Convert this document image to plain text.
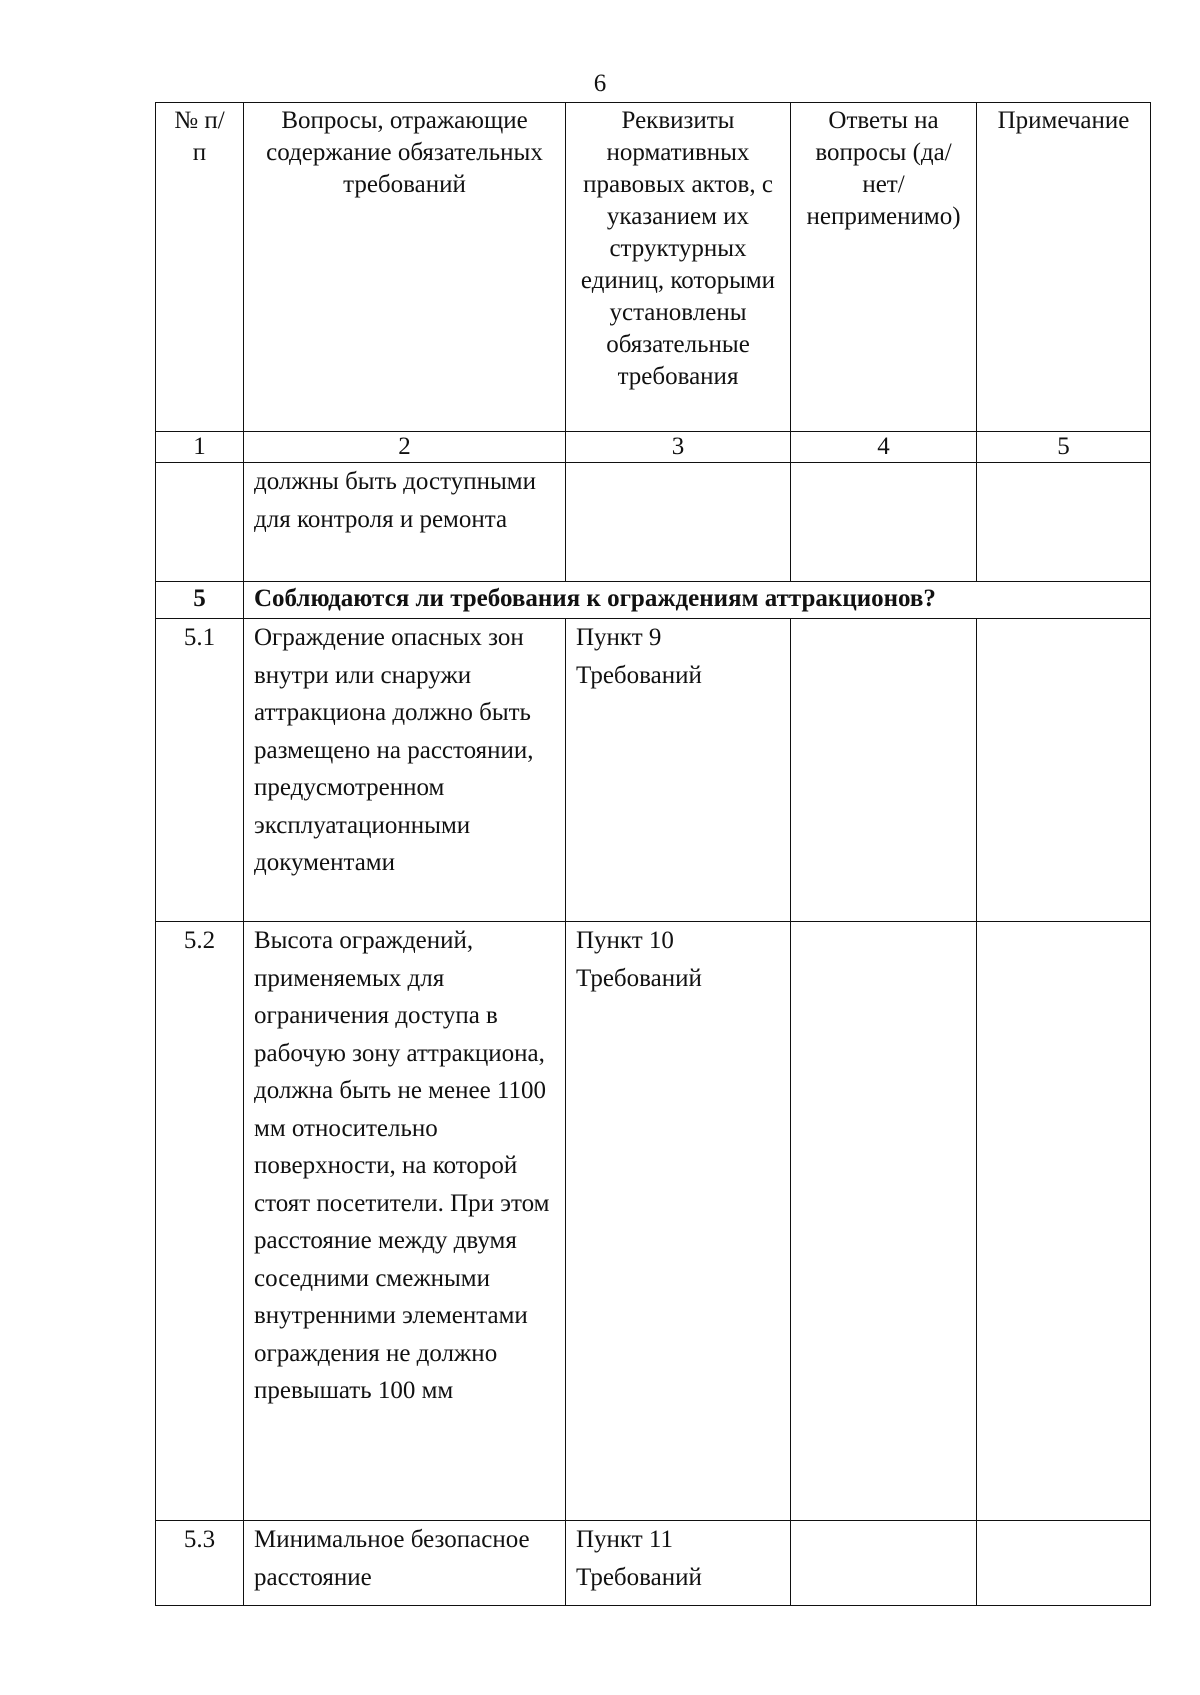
6
№ п/п	Вопросы, отражающие содержание обязательных требований	Реквизиты нормативных правовых актов, с указанием их структурных единиц, которыми установлены обязательные требования	Ответы на вопросы (да/нет/ неприменимо)	Примечание

1	2	3	4	5

	должны быть доступными для контроля и ремонта			

5	Соблюдаются ли требования к ограждениям аттракционов?			
5.1	Ограждение опасных зон внутри или снаружи аттракциона должно быть размещено на расстоянии, предусмотренном эксплуатационными документами	Пункт 9 Требований		

5.2	Высота ограждений, применяемых для ограничения доступа в рабочую зону аттракциона, должна быть не менее 1100 мм относительно поверхности, на которой стоят посетители. При этом расстояние между двумя соседними смежными внутренними элементами ограждения не должно превышать 100 мм	Пункт 10 Требований		

5.3	Минимальное безопасное расстояние	Пункт 11 Требований		
